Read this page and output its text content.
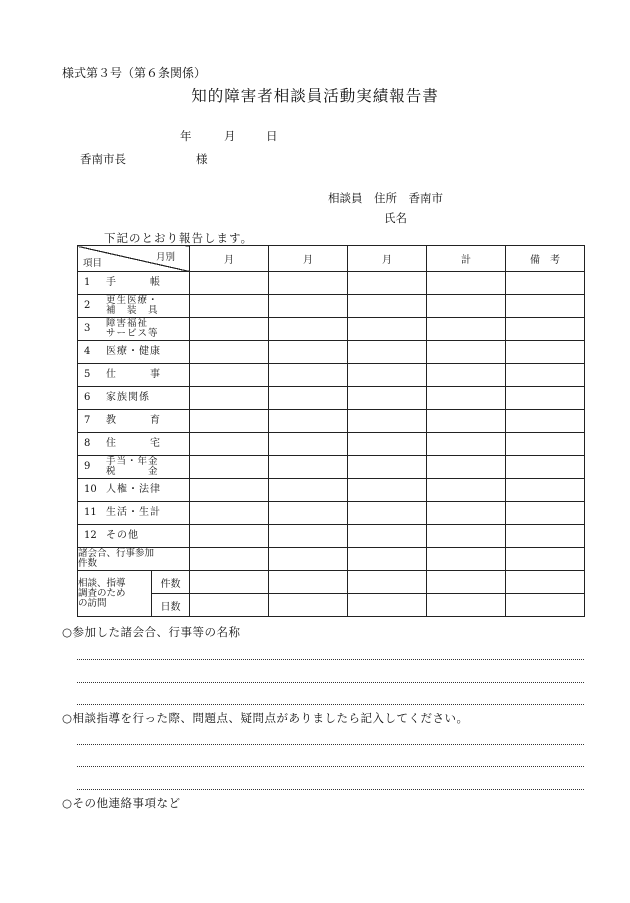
様式第３号（第６条関係）
知的障害者相談員活動実績報告書
年	月	日
香南市長	様
相談員　住所　香南市
氏名
下記のとおり報告します。
月別
項目		月	月	月	計	備　考

1 手　　　帳						

2 更生医療・
補　装　具						

3 障害福祉
サービス等						

4 医療・健康						

5 仕　　　事						

6 家族関係						

7 教　　　育						

8 住　　　宅						

9 手当・年金
税　　　金						

10 人権・法律						

11 生活・生計						

12 その他						

諸会合、行事参加
件数						

相談、指導
調査のため
の訪問	件数					
	日数					
○参加した諸会合、行事等の名称
○相談指導を行った際、問題点、疑問点がありましたら記入してください。
○その他連絡事項など
